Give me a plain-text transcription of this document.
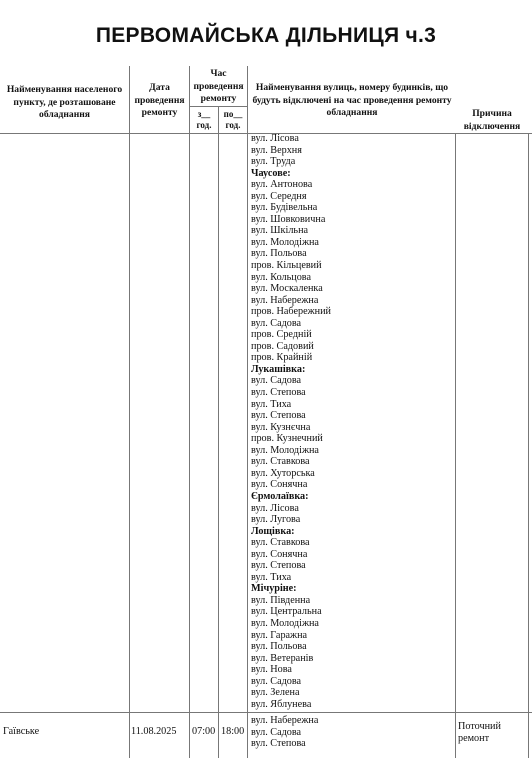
ПЕРВОМАЙСЬКА ДІЛЬНИЦЯ ч.3
Найменування населеного пункту, де розташоване обладнання
Дата проведення ремонту
Час проведення ремонту
з__ год.
по__ год.
Найменування вулиць, номеру будинків, що будуть відключені на час проведення ремонту обладнання	Причина відключення
вул. Лісова
вул. Верхня
вул. Труда
Чаусове:
вул. Антонова
вул. Середня
вул. Будівельна
вул. Шовковична
вул. Шкільна
вул. Молодіжна
вул. Польова
пров. Кільцевий
вул. Кольцова
вул. Москаленка
вул. Набережна
пров. Набережний
вул. Садова
пров. Средній
пров. Садовий
пров. Крайній
Лукашівка:
вул. Садова
вул. Степова
вул. Тиха
вул. Степова
вул. Кузнєчна
пров. Кузнечний
вул. Молодіжна
вул. Ставкова
вул. Хуторська
вул. Сонячна
Єрмолаївка:
вул. Лісова
вул. Лугова
Лощівка:
вул. Ставкова
вул. Сонячна
вул. Степова
вул. Тиха
Мічуріне:
вул. Південна
вул. Центральна
вул. Молодіжна
вул. Гаражна
вул. Польова
вул. Ветеранів
вул. Нова
вул. Садова
вул. Зелена
вул. Яблунева
Гаївське	11.08.2025 07:00 18:00
вул. Набережна
вул. Садова
вул. Степова
Поточний
ремонт
